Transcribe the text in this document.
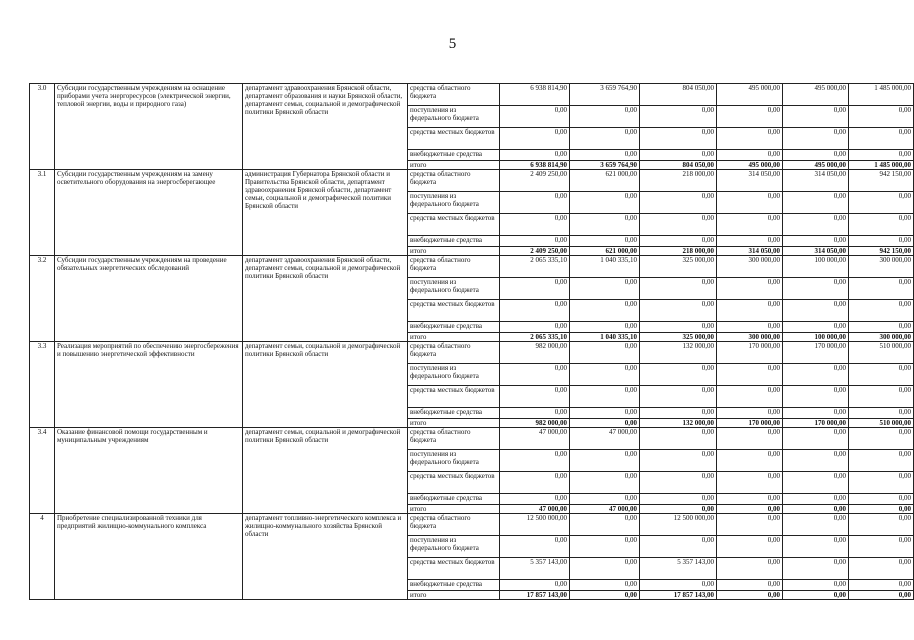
5
3.0	Субсидии государственным учреждениям на оснащение приборами учета энергоресурсов (электрической энергии, тепловой энергии, воды и природного газа)	департамент здравоохранения Брянской области, департамент образования и науки Брянской области, департамент семьи, социальной и демографической политики Брянской области	средства областного бюджета	6 938 814,90	3 659 764,90	804 050,00	495 000,00	495 000,00	1 485 000,00
			поступления из федерального бюджета	0,00	0,00	0,00	0,00	0,00	0,00
			средства местных бюджетов	0,00	0,00	0,00	0,00	0,00	0,00
			внебюджетные средства	0,00	0,00	0,00	0,00	0,00	0,00
			итого	6 938 814,90	3 659 764,90	804 050,00	495 000,00	495 000,00	1 485 000,00
3.1	Субсидии государственным учреждениям на замену осветительного оборудования на энергосберегающее	администрация Губернатора Брянской области и Правительства Брянской области, департамент здравоохранения Брянской области, департамент семьи, социальной и демографической политики Брянской области	средства областного бюджета	2 409 250,00	621 000,00	218 000,00	314 050,00	314 050,00	942 150,00
			поступления из федерального бюджета	0,00	0,00	0,00	0,00	0,00	0,00
			средства местных бюджетов	0,00	0,00	0,00	0,00	0,00	0,00
			внебюджетные средства	0,00	0,00	0,00	0,00	0,00	0,00
			итого	2 409 250,00	621 000,00	218 000,00	314 050,00	314 050,00	942 150,00
3.2	Субсидии государственным учреждениям на проведение обязательных энергетических обследований	департамент здравоохранения Брянской области, департамент семьи, социальной и демографической политики Брянской области	средства областного бюджета	2 065 335,10	1 040 335,10	325 000,00	300 000,00	100 000,00	300 000,00
			поступления из федерального бюджета	0,00	0,00	0,00	0,00	0,00	0,00
			средства местных бюджетов	0,00	0,00	0,00	0,00	0,00	0,00
			внебюджетные средства	0,00	0,00	0,00	0,00	0,00	0,00
			итого	2 065 335,10	1 040 335,10	325 000,00	300 000,00	100 000,00	300 000,00
3.3	Реализация мероприятий по обеспечению энергосбережения и повышению энергетической эффективности	департамент семьи, социальной и демографической политики Брянской области	средства областного бюджета	982 000,00	0,00	132 000,00	170 000,00	170 000,00	510 000,00
			поступления из федерального бюджета	0,00	0,00	0,00	0,00	0,00	0,00
			средства местных бюджетов	0,00	0,00	0,00	0,00	0,00	0,00
			внебюджетные средства	0,00	0,00	0,00	0,00	0,00	0,00
			итого	982 000,00	0,00	132 000,00	170 000,00	170 000,00	510 000,00
3.4	Оказание финансовой помощи государственным и муниципальным учреждениям	департамент семьи, социальной и демографической политики Брянской области	средства областного бюджета	47 000,00	47 000,00	0,00	0,00	0,00	0,00
			поступления из федерального бюджета	0,00	0,00	0,00	0,00	0,00	0,00
			средства местных бюджетов	0,00	0,00	0,00	0,00	0,00	0,00
			внебюджетные средства	0,00	0,00	0,00	0,00	0,00	0,00
			итого	47 000,00	47 000,00	0,00	0,00	0,00	0,00
4	Приобретение специализированной техники для предприятий жилищно-коммунального комплекса	департамент топливно-энергетического комплекса и жилищно-коммунального хозяйства Брянской области	средства областного бюджета	12 500 000,00	0,00	12 500 000,00	0,00	0,00	0,00
			поступления из федерального бюджета	0,00	0,00	0,00	0,00	0,00	0,00
			средства местных бюджетов	5 357 143,00	0,00	5 357 143,00	0,00	0,00	0,00
			внебюджетные средства	0,00	0,00	0,00	0,00	0,00	0,00
			итого	17 857 143,00	0,00	17 857 143,00	0,00	0,00	0,00
